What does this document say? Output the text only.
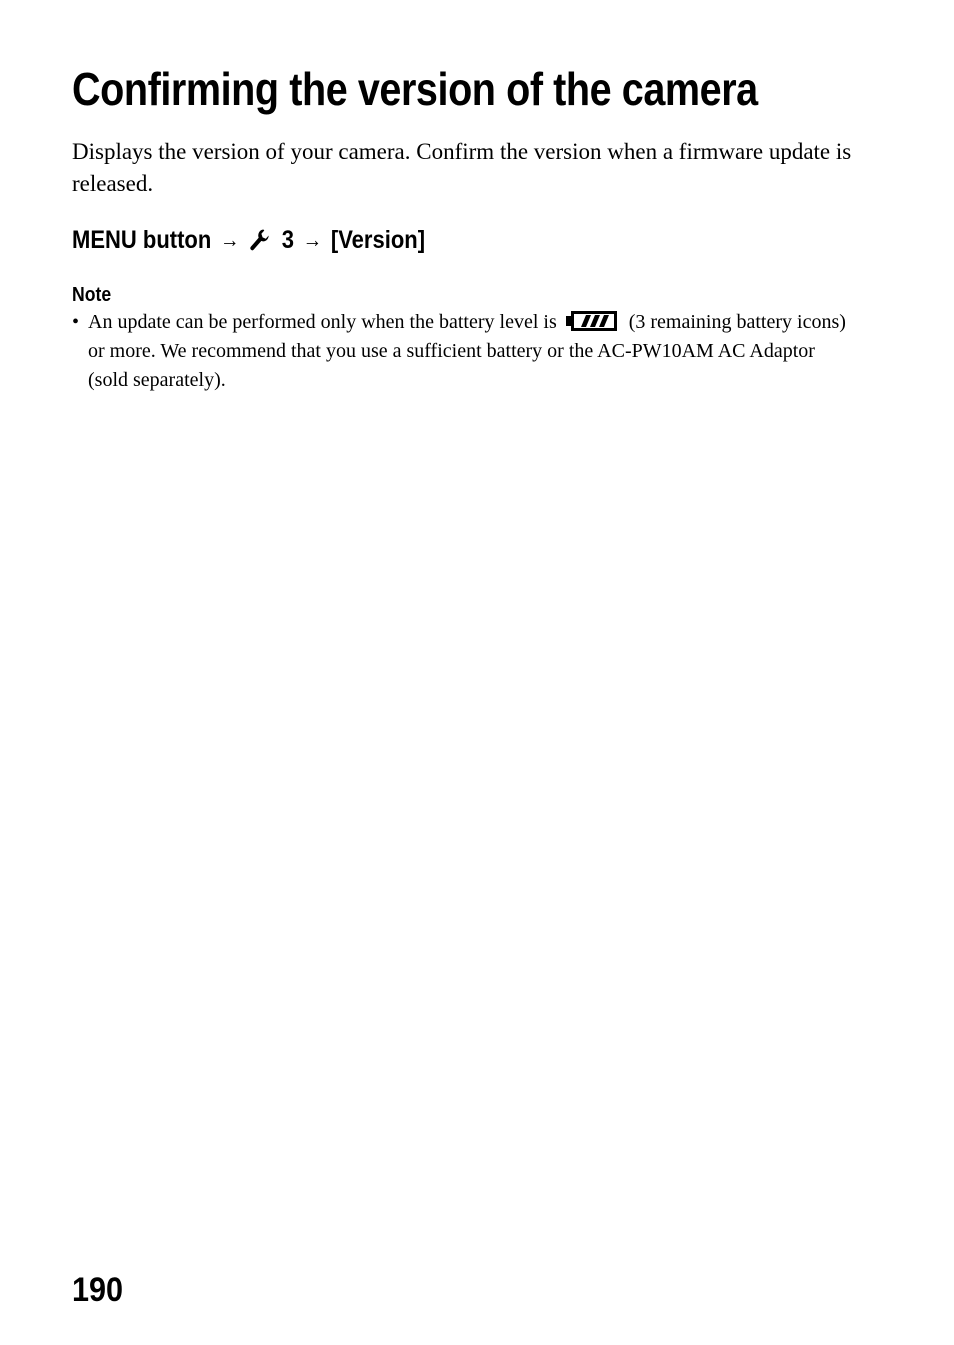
Confirming the version of the camera

Displays the version of your camera. Confirm the version when a firmware update is released.

MENU button → 3 → [Version]
Note
• An update can be performed only when the battery level is	(3 remaining battery icons) or more. We recommend that you use a sufficient battery or the AC-PW10AM AC Adaptor (sold separately).
190
